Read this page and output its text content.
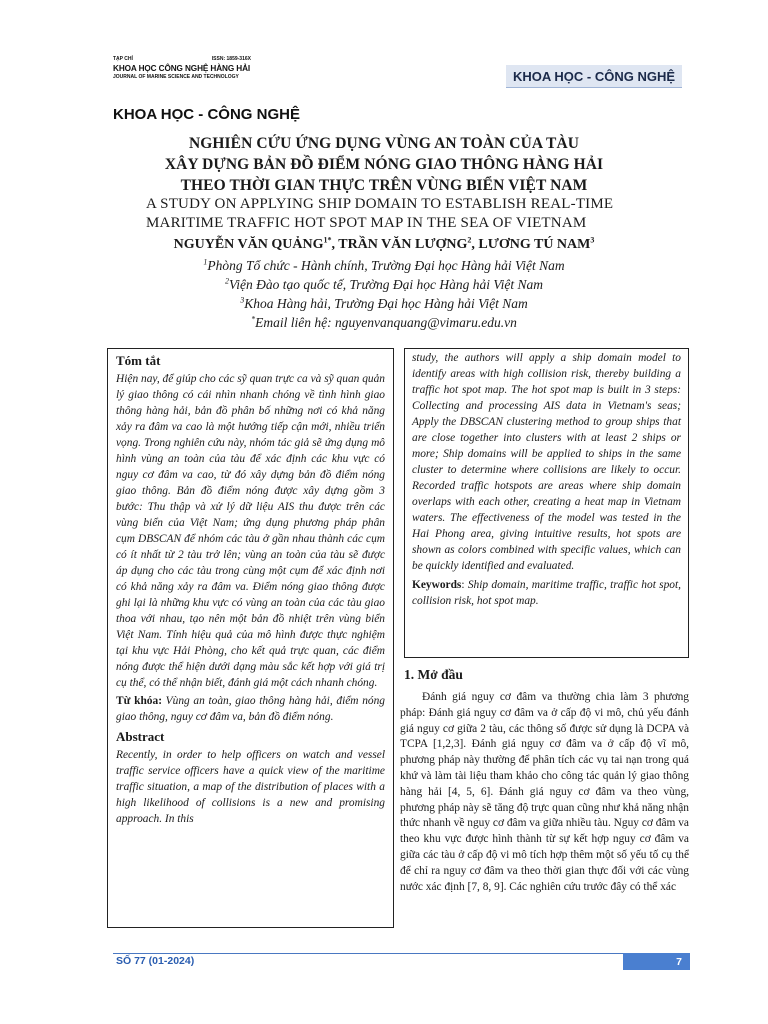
TẠP CHÍ	ISSN: 1859-316X
KHOA HỌC CÔNG NGHỆ HÀNG HẢI
JOURNAL OF MARINE SCIENCE AND TECHNOLOGY	KHOA HỌC - CÔNG NGHỆ
KHOA HỌC - CÔNG NGHỆ
NGHIÊN CỨU ỨNG DỤNG VÙNG AN TOÀN CỦA TÀU
XÂY DỰNG BẢN ĐỒ ĐIỂM NÓNG GIAO THÔNG HÀNG HẢI
THEO THỜI GIAN THỰC TRÊN VÙNG BIỂN VIỆT NAM
A STUDY ON APPLYING SHIP DOMAIN TO ESTABLISH REAL-TIME
MARITIME TRAFFIC HOT SPOT MAP IN THE SEA OF VIETNAM
NGUYỄN VĂN QUẢNG$^{1*}$, TRẦN VĂN LƯỢNG$^2$, LƯƠNG TÚ NAM$^3$
$^1$Phòng Tổ chức - Hành chính, Trường Đại học Hàng hải Việt Nam
$^2$Viện Đào tạo quốc tế, Trường Đại học Hàng hải Việt Nam
$^3$Khoa Hàng hải, Trường Đại học Hàng hải Việt Nam
*Email liên hệ: nguyenvanquang@vimaru.edu.vn
Tóm tắt
Hiện nay, để giúp cho các sỹ quan trực ca và sỹ quan quản lý giao thông có cái nhìn nhanh chóng về tình hình giao thông hàng hải, bản đồ phân bố những nơi có khả năng xảy ra đâm va cao là một hướng tiếp cận mới, nhiều triển vọng. Trong nghiên cứu này, nhóm tác giả sẽ ứng dụng mô hình vùng an toàn của tàu để xác định các khu vực có nguy cơ đâm va cao, từ đó xây dựng bản đồ điểm nóng giao thông. Bản đồ điểm nóng được xây dựng gồm 3 bước: Thu thập và xử lý dữ liệu AIS thu được trên các vùng biển của Việt Nam; ứng dụng phương pháp phân cụm DBSCAN để nhóm các tàu ở gần nhau thành các cụm có ít nhất từ 2 tàu trở lên; vùng an toàn của tàu sẽ được áp dụng cho các tàu trong cùng một cụm để xác định nơi có khả năng xảy ra đâm va. Điểm nóng giao thông được ghi lại là những khu vực có vùng an toàn của các tàu giao thoa với nhau, tạo nên một bản đồ nhiệt trên vùng biển Việt Nam. Tính hiệu quả của mô hình được thực nghiệm tại khu vực Hải Phòng, cho kết quả trực quan, các điểm nóng được thể hiện dưới dạng màu sắc kết hợp với giá trị cụ thể, có thể nhận biết, đánh giá một cách nhanh chóng.
Từ khóa: Vùng an toàn, giao thông hàng hải, điểm nóng giao thông, nguy cơ đâm va, bản đồ điểm nóng.
Abstract
Recently, in order to help officers on watch and vessel traffic service officers have a quick view of the maritime traffic situation, a map of the distribution of places with a high likelihood of collisions is a new and promising approach. In this
study, the authors will apply a ship domain model to identify areas with high collision risk, thereby building a traffic hot spot map. The hot spot map is built in 3 steps: Collecting and processing AIS data in Vietnam's seas; Apply the DBSCAN clustering method to group ships that are close together into clusters with at least 2 ships or more; Ship domains will be applied to ships in the same cluster to determine where collisions are likely to occur. Recorded traffic hotspots are areas where ship domain overlaps with each other, creating a heat map in Vietnam waters. The effectiveness of the model was tested in the Hai Phong area, giving intuitive results, hot spots are shown as colors combined with specific values, which can be quickly identified and evaluated.
Keywords: Ship domain, maritime traffic, traffic hot spot, collision risk, hot spot map.
1. Mở đầu
Đánh giá nguy cơ đâm va thường chia làm 3 phương pháp: Đánh giá nguy cơ đâm va ở cấp độ vi mô, chủ yếu đánh giá nguy cơ giữa 2 tàu, các thông số được sử dụng là DCPA và TCPA [1,2,3]. Đánh giá nguy cơ đâm va ở cấp độ vĩ mô, phương pháp này thường để phân tích các vụ tai nạn trong quá khứ và làm tài liệu tham khảo cho công tác quản lý giao thông hàng hải [4, 5, 6]. Đánh giá nguy cơ đâm va theo vùng, phương pháp này sẽ tăng độ trực quan cũng như khả năng nhận thức nhanh về nguy cơ đâm va giữa nhiều tàu. Nguy cơ đâm va theo khu vực được hình thành từ sự kết hợp nguy cơ đâm va giữa các tàu ở cấp độ vi mô tích hợp thêm một số yếu tố cụ thể để chỉ ra nguy cơ đâm va theo thời gian thực đối với các vùng nước xác định [7, 8, 9]. Các nghiên cứu trước đây có thể xác
SỐ 77 (01-2024)	7
